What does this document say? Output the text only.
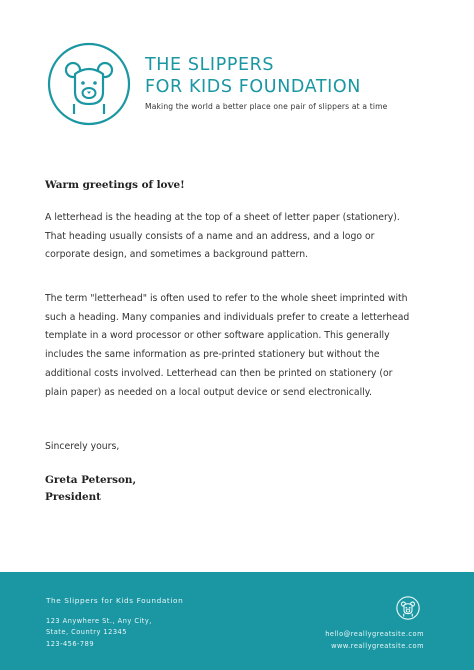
THE SLIPPERS
FOR KIDS FOUNDATION
Making the world a better place one pair of slippers at a time
Warm greetings of love!
A letterhead is the heading at the top of a sheet of letter paper (stationery).
That heading usually consists of a name and an address, and a logo or
corporate design, and sometimes a background pattern.
The term "letterhead" is often used to refer to the whole sheet imprinted with
such a heading. Many companies and individuals prefer to create a letterhead
template in a word processor or other software application. This generally
includes the same information as pre-printed stationery but without the
additional costs involved. Letterhead can then be printed on stationery (or
plain paper) as needed on a local output device or send electronically.
Sincerely yours,
Greta Peterson,
President
The Slippers for Kids Foundation
123 Anywhere St., Any City,
State, Country 12345
123-456-789
hello@reallygreatsite.com
www.reallygreatsite.com
